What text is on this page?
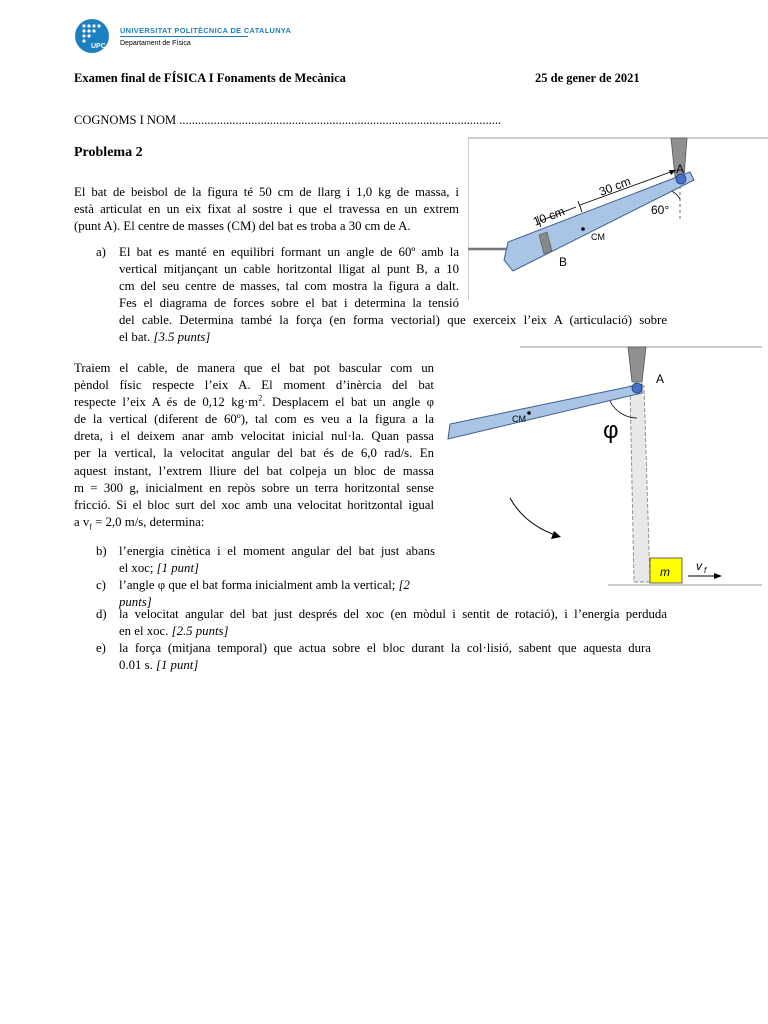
UPC
UNIVERSITAT POLITÈCNICA DE CATALUNYA
Departament de Física
Examen final de FÍSICA I Fonaments de Mecànica	25 de gener de 2021
COGNOMS I NOM .......................................................................................................
Problema 2
El bat de beisbol de la figura té 50 cm de llarg i 1,0 kg de massa, i
està articulat en un eix fixat al sostre i que el travessa en un extrem
(punt A). El centre de masses (CM) del bat es troba a 30 cm de A.
a) El bat es manté en equilibri formant un angle de 60º amb la
vertical mitjançant un cable horitzontal lligat al punt B, a 10
cm del seu centre de masses, tal com mostra la figura a dalt.
Fes el diagrama de forces sobre el bat i determina la tensió
del cable. Determina també la força (en forma vectorial) que exerceix l’eix A (articulació) sobre
el bat. [3.5 punts]
Traiem el cable, de manera que el bat pot bascular com un
pèndol físic respecte l’eix A. El moment d’inèrcia del bat
respecte l’eix A és de 0,12 $kg\cdot m^2$. Desplacem el bat un angle φ
de la vertical (diferent de 60º), tal com es veu a la figura a la
dreta, i el deixem anar amb velocitat inicial nul·la. Quan passa
per la vertical, la velocitat angular del bat és de 6,0 rad/s. En
aquest instant, l’extrem lliure del bat colpeja un bloc de massa
m = 300 g, inicialment en repòs sobre un terra horitzontal sense
fricció. Si el bloc surt del xoc amb una velocitat horitzontal igual
a $v_f = 2,0$ m/s, determina:
b) l’energia cinètica i el moment angular del bat just abans
el xoc; [1 punt]
c) l’angle φ que el bat forma inicialment amb la vertical; [2
punts]
d) la velocitat angular del bat just després del xoc (en mòdul i sentit de rotació), i l’energia perduda
en el xoc. [2.5 punts]
e) la força (mitjana temporal) que actua sobre el bloc durant la col·lisió, sabent que aquesta dura
0.01 s. [1 punt]
A
30 cm
10 cm	60°
CM
B
A
CM	φ
m v f
